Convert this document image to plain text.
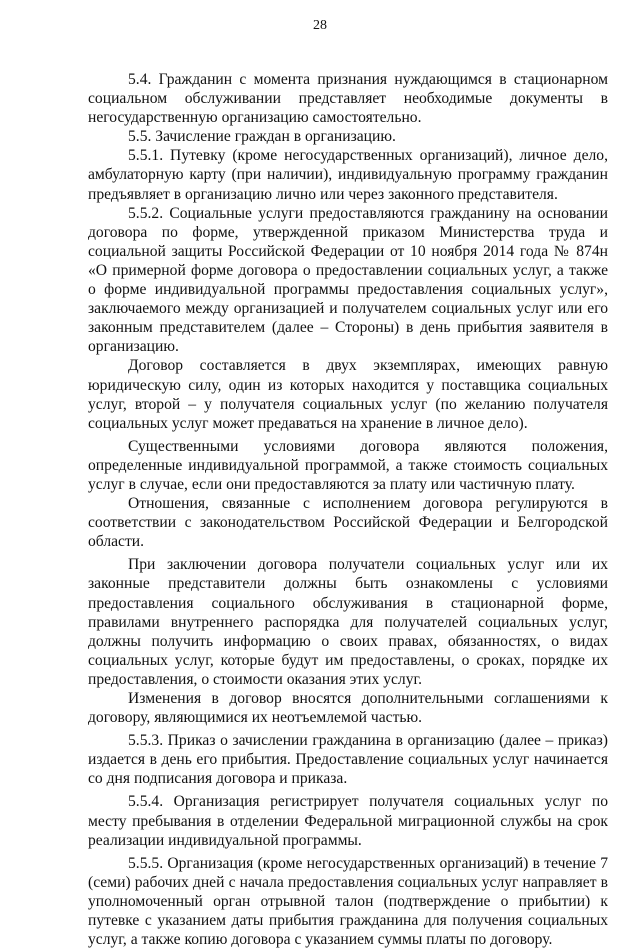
28

5.4. Гражданин с момента признания нуждающимся в стационарном социальном обслуживании представляет необходимые документы в негосударственную организацию самостоятельно.

5.5. Зачисление граждан в организацию.

5.5.1. Путевку (кроме негосударственных организаций), личное дело, амбулаторную карту (при наличии), индивидуальную программу гражданин предъявляет в организацию лично или через законного представителя.

5.5.2. Социальные услуги предоставляются гражданину на основании договора по форме, утвержденной приказом Министерства труда и социальной защиты Российской Федерации от 10 ноября 2014 года № 874н «О примерной форме договора о предоставлении социальных услуг, а также о форме индивидуальной программы предоставления социальных услуг», заключаемого между организацией и получателем социальных услуг или его законным представителем (далее – Стороны) в день прибытия заявителя в организацию.

Договор составляется в двух экземплярах, имеющих равную юридическую силу, один из которых находится у поставщика социальных услуг, второй – у получателя социальных услуг (по желанию получателя социальных услуг может предаваться на хранение в личное дело).

Существенными условиями договора являются положения, определенные индивидуальной программой, а также стоимость социальных услуг в случае, если они предоставляются за плату или частичную плату.

Отношения, связанные с исполнением договора регулируются в соответствии с законодательством Российской Федерации и Белгородской области.

При заключении договора получатели социальных услуг или их законные представители должны быть ознакомлены с условиями предоставления социального обслуживания в стационарной форме, правилами внутреннего распорядка для получателей социальных услуг, должны получить информацию о своих правах, обязанностях, о видах социальных услуг, которые будут им предоставлены, о сроках, порядке их предоставления, о стоимости оказания этих услуг.

Изменения в договор вносятся дополнительными соглашениями к договору, являющимися их неотъемлемой частью.

5.5.3. Приказ о зачислении гражданина в организацию (далее – приказ) издается в день его прибытия. Предоставление социальных услуг начинается со дня подписания договора и приказа.

5.5.4. Организация регистрирует получателя социальных услуг по месту пребывания в отделении Федеральной миграционной службы на срок реализации индивидуальной программы.

5.5.5. Организация (кроме негосударственных организаций) в течение 7 (семи) рабочих дней с начала предоставления социальных услуг направляет в уполномоченный орган отрывной талон (подтверждение о прибытии) к путевке с указанием даты прибытия гражданина для получения социальных услуг, а также копию договора с указанием суммы платы по договору.
